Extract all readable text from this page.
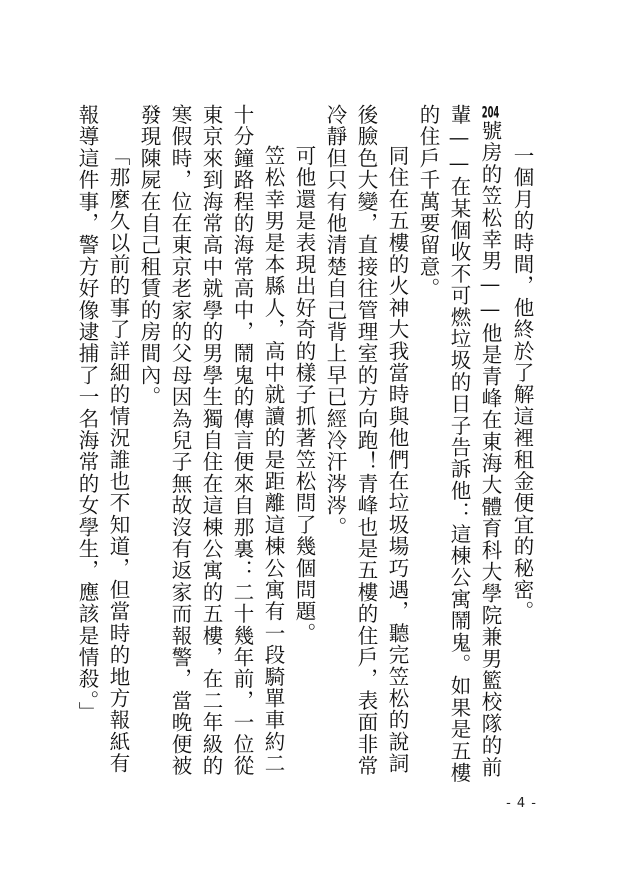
一個月的時間，他終於了解這裡租金便宜的秘密。

204號房的笠松幸男——他是青峰在東海大體育科大學院兼男籃校隊的前輩——在某個收不可燃垃圾的日子告訴他：這棟公寓鬧鬼。如果是五樓的住戶千萬要留意。

同住在五樓的火神大我當時與他們在垃圾場巧遇，聽完笠松的說詞後臉色大變，直接往管理室的方向跑！青峰也是五樓的住戶，表面非常冷靜但只有他清楚自己背上早已經冷汗涔涔。

可他還是表現出好奇的樣子抓著笠松問了幾個問題。

笠松幸男是本縣人，高中就讀的是距離這棟公寓有一段騎單車約二十分鐘路程的海常高中，鬧鬼的傳言便來自那裏：二十幾年前，一位從東京來到海常高中就學的男學生獨自住在這棟公寓的五樓，在二年級的寒假時，位在東京老家的父母因為兒子無故沒有返家而報警，當晚便被發現陳屍在自己租賃的房間內。

「那麼久以前的事了詳細的情況誰也不知道，但當時的地方報紙有報導這件事，警方好像逮捕了一名海常的女學生，應該是情殺。」

- 4 -
